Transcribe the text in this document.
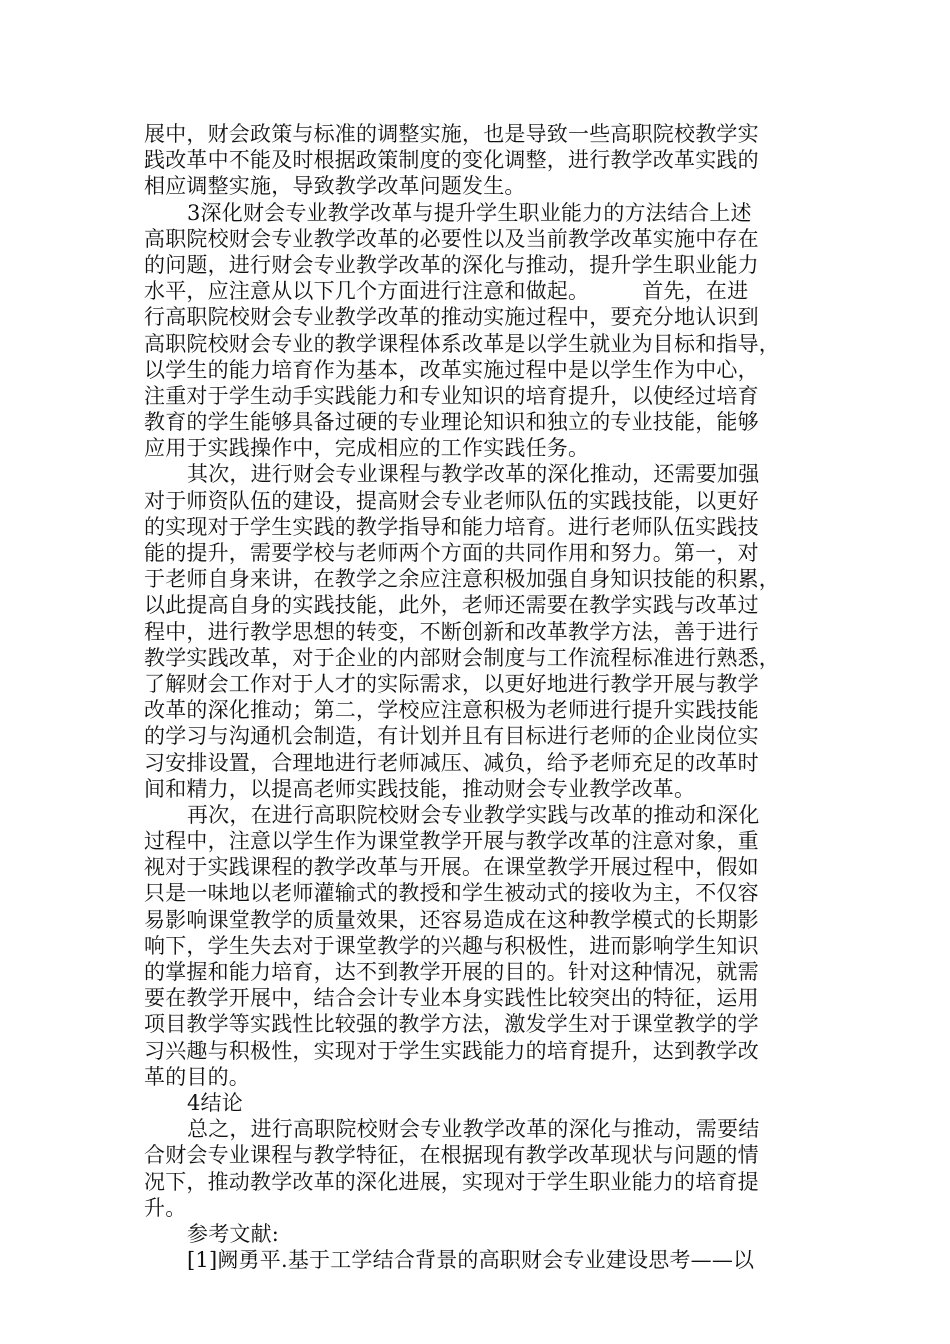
展中，财会政策与标准的调整实施，也是导致一些高职院校教学实
践改革中不能及时根据政策制度的变化调整，进行教学改革实践的
相应调整实施，导致教学改革问题发生。
3深化财会专业教学改革与提升学生职业能力的方法结合上述
高职院校财会专业教学改革的必要性以及当前教学改革实施中存在
的问题，进行财会专业教学改革的深化与推动，提升学生职业能力
水平，应注意从以下几个方面进行注意和做起。　　　首先，在进
行高职院校财会专业教学改革的推动实施过程中，要充分地认识到
高职院校财会专业的教学课程体系改革是以学生就业为目标和指导，
以学生的能力培育作为基本，改革实施过程中是以学生作为中心，
注重对于学生动手实践能力和专业知识的培育提升，以使经过培育
教育的学生能够具备过硬的专业理论知识和独立的专业技能，能够
应用于实践操作中，完成相应的工作实践任务。
其次，进行财会专业课程与教学改革的深化推动，还需要加强
对于师资队伍的建设，提高财会专业老师队伍的实践技能，以更好
的实现对于学生实践的教学指导和能力培育。进行老师队伍实践技
能的提升，需要学校与老师两个方面的共同作用和努力。第一，对
于老师自身来讲，在教学之余应注意积极加强自身知识技能的积累，
以此提高自身的实践技能，此外，老师还需要在教学实践与改革过
程中，进行教学思想的转变，不断创新和改革教学方法，善于进行
教学实践改革，对于企业的内部财会制度与工作流程标准进行熟悉，
了解财会工作对于人才的实际需求，以更好地进行教学开展与教学
改革的深化推动；第二，学校应注意积极为老师进行提升实践技能
的学习与沟通机会制造，有计划并且有目标进行老师的企业岗位实
习安排设置，合理地进行老师减压、减负，给予老师充足的改革时
间和精力，以提高老师实践技能，推动财会专业教学改革。
再次，在进行高职院校财会专业教学实践与改革的推动和深化
过程中，注意以学生作为课堂教学开展与教学改革的注意对象，重
视对于实践课程的教学改革与开展。在课堂教学开展过程中，假如
只是一味地以老师灌输式的教授和学生被动式的接收为主，不仅容
易影响课堂教学的质量效果，还容易造成在这种教学模式的长期影
响下，学生失去对于课堂教学的兴趣与积极性，进而影响学生知识
的掌握和能力培育，达不到教学开展的目的。针对这种情况，就需
要在教学开展中，结合会计专业本身实践性比较突出的特征，运用
项目教学等实践性比较强的教学方法，激发学生对于课堂教学的学
习兴趣与积极性，实现对于学生实践能力的培育提升，达到教学改
革的目的。
4结论
总之，进行高职院校财会专业教学改革的深化与推动，需要结
合财会专业课程与教学特征，在根据现有教学改革现状与问题的情
况下，推动教学改革的深化进展，实现对于学生职业能力的培育提
升。
参考文献:
[1]阙勇平.基于工学结合背景的高职财会专业建设思考——以
